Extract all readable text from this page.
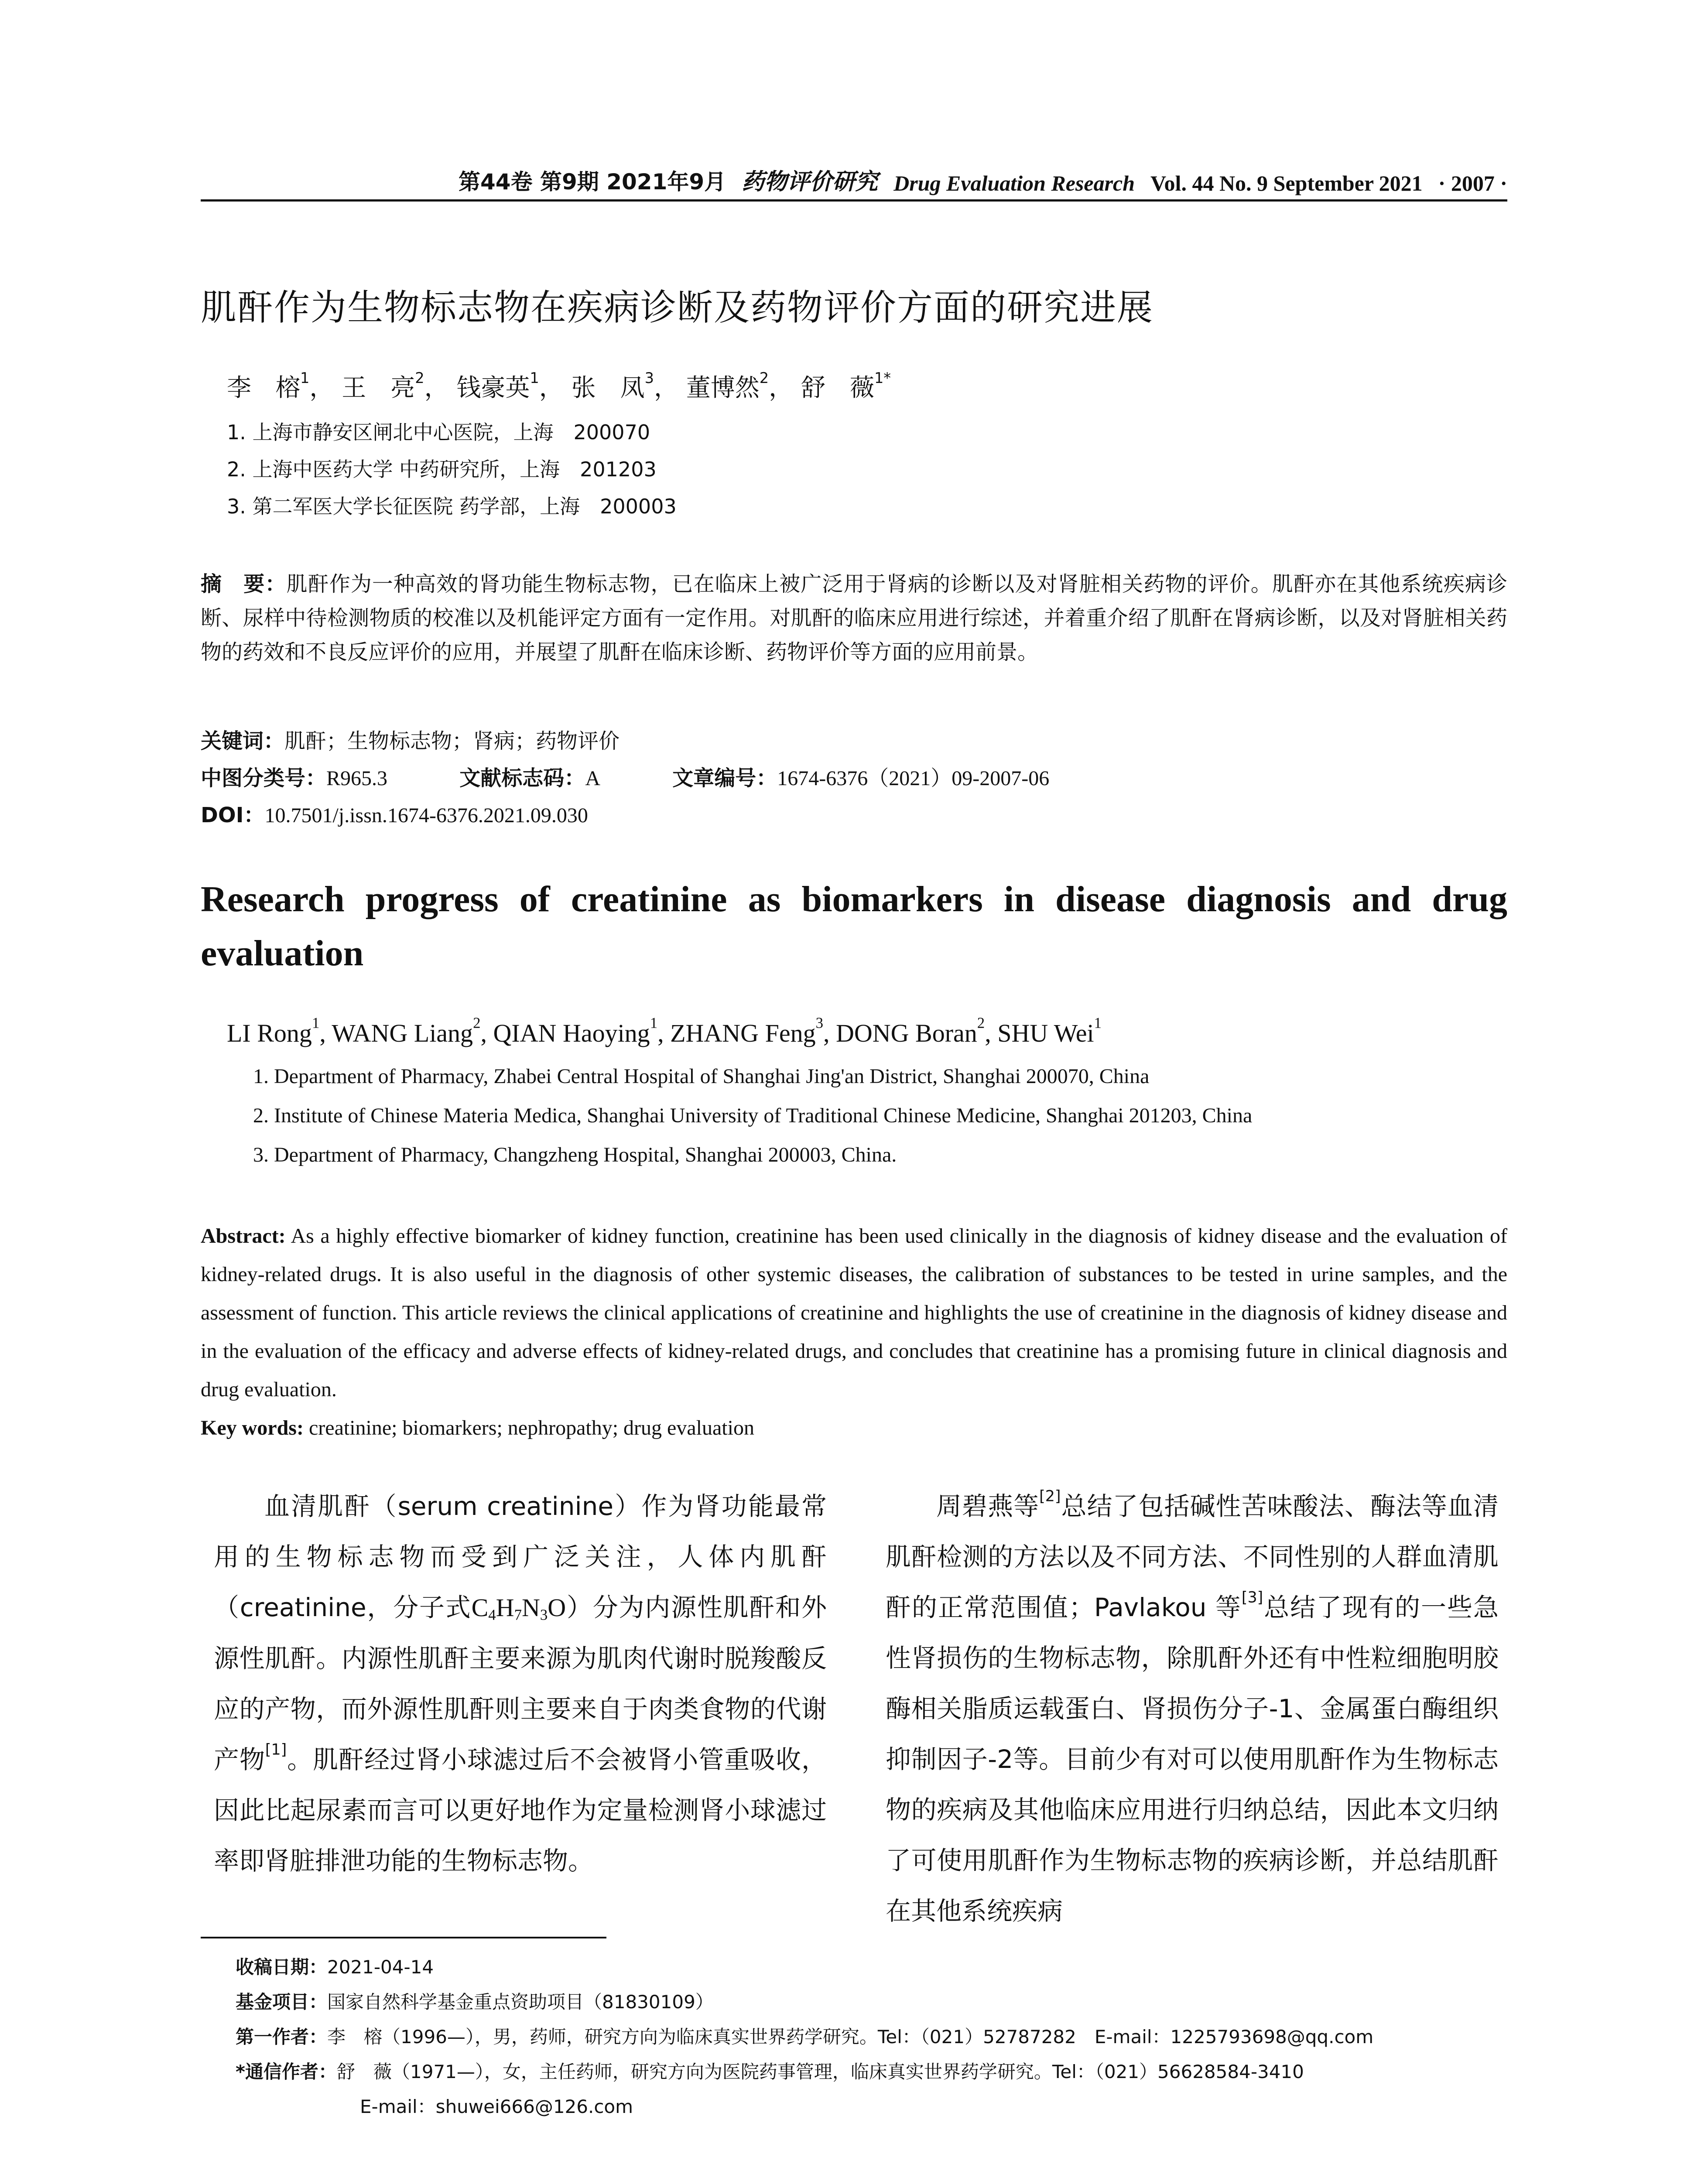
第44卷 第9期 2021年9月 药物评价研究 Drug Evaluation Research Vol. 44 No. 9 September 2021 · 2007 ·
肌酐作为生物标志物在疾病诊断及药物评价方面的研究进展
李　榕$^1$， 王　亮$^2$， 钱豪英$^1$， 张　凤$^3$， 董博然$^2$， 舒　薇$^{1*}$
1. 上海市静安区闸北中心医院，上海　200070
2. 上海中医药大学 中药研究所，上海　201203
3. 第二军医大学长征医院 药学部，上海　200003
摘　要：肌酐作为一种高效的肾功能生物标志物，已在临床上被广泛用于肾病的诊断以及对肾脏相关药物的评价。肌酐亦在其他系统疾病诊断、尿样中待检测物质的校准以及机能评定方面有一定作用。对肌酐的临床应用进行综述，并着重介绍了肌酐在肾病诊断，以及对肾脏相关药物的药效和不良反应评价的应用，并展望了肌酐在临床诊断、药物评价等方面的应用前景。
关键词：肌酐；生物标志物；肾病；药物评价
中图分类号：R965.3	文献标志码：A	文章编号：1674-6376（2021）09-2007-06
DOI：10.7501/j.issn.1674-6376.2021.09.030
Research progress of creatinine as biomarkers in disease diagnosis and drug evaluation
LI Rong$^1$, WANG Liang$^2$, QIAN Haoying$^1$, ZHANG Feng$^3$, DONG Boran$^2$, SHU Wei$^1$
1. Department of Pharmacy, Zhabei Central Hospital of Shanghai Jing'an District, Shanghai 200070, China
2. Institute of Chinese Materia Medica, Shanghai University of Traditional Chinese Medicine, Shanghai 201203, China
3. Department of Pharmacy, Changzheng Hospital, Shanghai 200003, China.
Abstract: As a highly effective biomarker of kidney function, creatinine has been used clinically in the diagnosis of kidney disease and the evaluation of kidney-related drugs. It is also useful in the diagnosis of other systemic diseases, the calibration of substances to be tested in urine samples, and the assessment of function. This article reviews the clinical applications of creatinine and highlights the use of creatinine in the diagnosis of kidney disease and in the evaluation of the efficacy and adverse effects of kidney-related drugs, and concludes that creatinine has a promising future in clinical diagnosis and drug evaluation.
Key words: creatinine; biomarkers; nephropathy; drug evaluation

血清肌酐（serum creatinine）作为肾功能最常用的生物标志物而受到广泛关注，人体内肌酐（creatinine，分子式$C_4H_7N_3O$）分为内源性肌酐和外源性肌酐。内源性肌酐主要来源为肌肉代谢时脱羧酸反应的产物，而外源性肌酐则主要来自于肉类食物的代谢产物[1]。肌酐经过肾小球滤过后不会被肾小管重吸收，因此比起尿素而言可以更好地作为定量检测肾小球滤过率即肾脏排泄功能的生物标志物。

周碧燕等[2]总结了包括碱性苦味酸法、酶法等血清肌酐检测的方法以及不同方法、不同性别的人群血清肌酐的正常范围值；Pavlakou 等[3]总结了现有的一些急性肾损伤的生物标志物，除肌酐外还有中性粒细胞明胶酶相关脂质运载蛋白、肾损伤分子-1、金属蛋白酶组织抑制因子-2等。目前少有对可以使用肌酐作为生物标志物的疾病及其他临床应用进行归纳总结，因此本文归纳了可使用肌酐作为生物标志物的疾病诊断，并总结肌酐在其他系统疾病

收稿日期：2021-04-14
基金项目：国家自然科学基金重点资助项目（81830109）
第一作者：李　榕（1996—），男，药师，研究方向为临床真实世界药学研究。Tel：（021）52787282　E-mail：1225793698@qq.com
*通信作者：舒　薇（1971—），女，主任药师，研究方向为医院药事管理，临床真实世界药学研究。Tel：（021）56628584-3410
E-mail：shuwei666@126.com
